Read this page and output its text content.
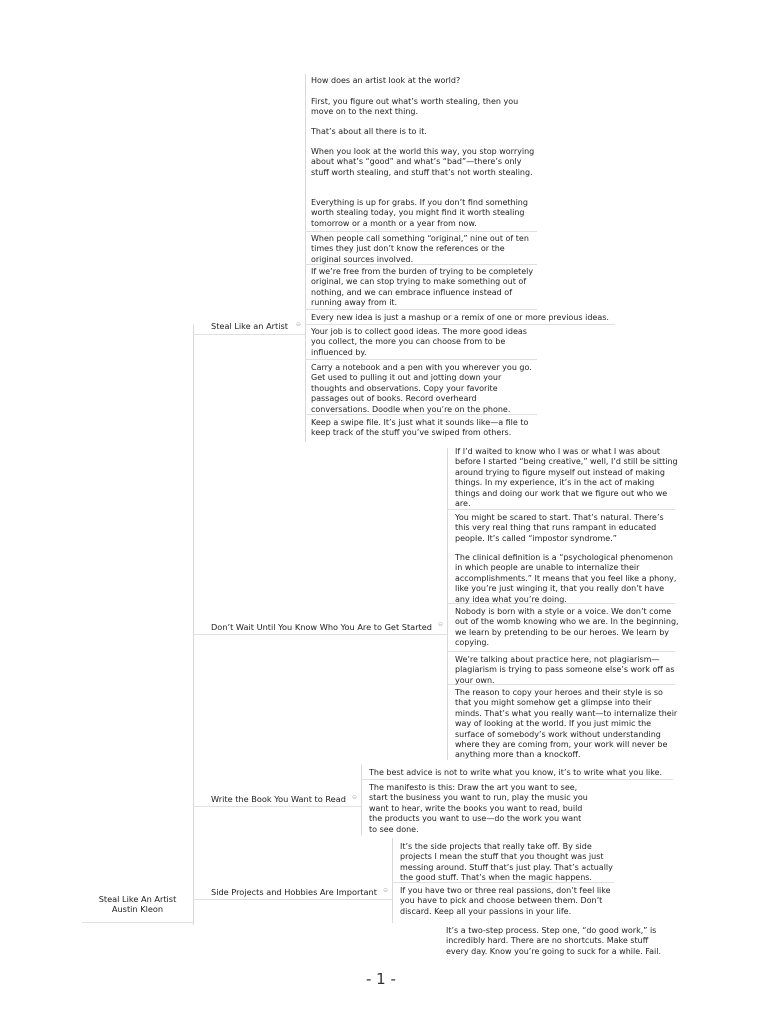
⊖
⊖
⊖
⊖
Steal Like An Artist
Austin Kleon
Steal Like an Artist
How does an artist look at the world?
First, you figure out what’s worth stealing, then you move on to the next thing.
That’s about all there is to it.
When you look at the world this way, you stop worrying about what’s “good” and what’s “bad”—there’s only stuff worth stealing, and stuff that’s not worth stealing.
Everything is up for grabs. If you don’t find something worth stealing today, you might find it worth stealing tomorrow or a month or a year from now.
When people call something “original,” nine out of ten times they just don’t know the references or the original sources involved.
If we’re free from the burden of trying to be completely original, we can stop trying to make something out of nothing, and we can embrace influence instead of running away from it.
Every new idea is just a mashup or a remix of one or more previous ideas.
Your job is to collect good ideas. The more good ideas you collect, the more you can choose from to be influenced by.
Carry a notebook and a pen with you wherever you go. Get used to pulling it out and jotting down your thoughts and observations. Copy your favorite passages out of books. Record overheard conversations. Doodle when you’re on the phone.
Keep a swipe file. It’s just what it sounds like—a file to keep track of the stuff you’ve swiped from others.
Don’t Wait Until You Know Who You Are to Get Started
If I’d waited to know who I was or what I was about before I started “being creative,” well, I’d still be sitting around trying to figure myself out instead of making things. In my experience, it’s in the act of making things and doing our work that we figure out who we are.
You might be scared to start. That’s natural. There’s this very real thing that runs rampant in educated people. It’s called “impostor syndrome.”
The clinical definition is a “psychological phenomenon in which people are unable to internalize their accomplishments.” It means that you feel like a phony, like you’re just winging it, that you really don’t have any idea what you’re doing.
Nobody is born with a style or a voice. We don’t come out of the womb knowing who we are. In the beginning, we learn by pretending to be our heroes. We learn by copying.
We’re talking about practice here, not plagiarism—plagiarism is trying to pass someone else’s work off as your own.
The reason to copy your heroes and their style is so that you might somehow get a glimpse into their minds. That’s what you really want—to internalize their way of looking at the world. If you just mimic the surface of somebody’s work without understanding where they are coming from, your work will never be anything more than a knockoff.
Write the Book You Want to Read
The best advice is not to write what you know, it’s to write what you like.
The manifesto is this: Draw the art you want to see, start the business you want to run, play the music you want to hear, write the books you want to read, build the products you want to use—do the work you want to see done.
Side Projects and Hobbies Are Important
It’s the side projects that really take off. By side projects I mean the stuff that you thought was just messing around. Stuff that’s just play. That’s actually the good stuff. That’s when the magic happens.
If you have two or three real passions, don’t feel like you have to pick and choose between them. Don’t discard. Keep all your passions in your life.
It’s a two-step process. Step one, “do good work,” is incredibly hard. There are no shortcuts. Make stuff every day. Know you’re going to suck for a while. Fail.
- 1 -
